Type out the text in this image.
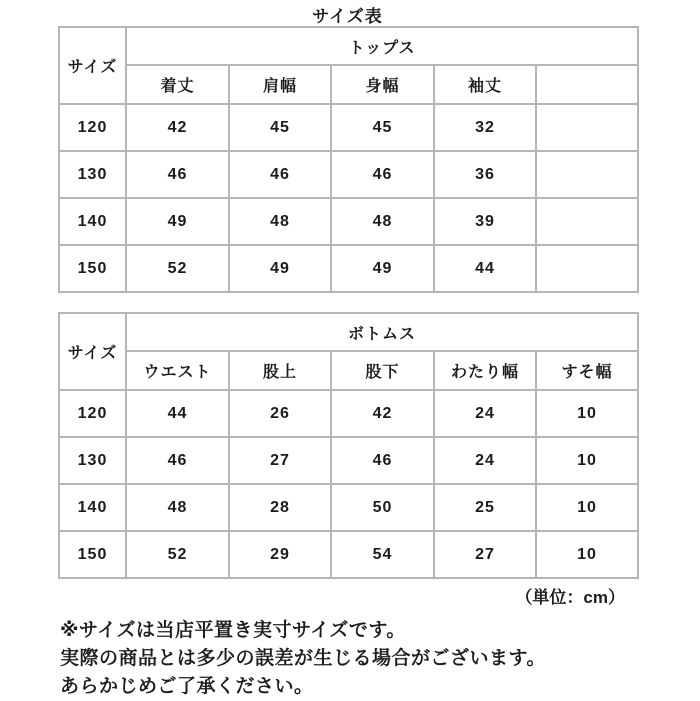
サイズ表
サイズ	トップス				
	着丈	肩幅	身幅	袖丈	
120	42	45	45	32	
130	46	46	46	36	
140	49	48	48	39	
150	52	49	49	44	
サイズ	ボトムス				
	ウエスト	股上	股下	わたり幅	すそ幅
120	44	26	42	24	10
130	46	27	46	24	10
140	48	28	50	25	10
150	52	29	54	27	10
（単位：cm）
※サイズは当店平置き実寸サイズです。
実際の商品とは多少の誤差が生じる場合がございます。
あらかじめご了承ください。
